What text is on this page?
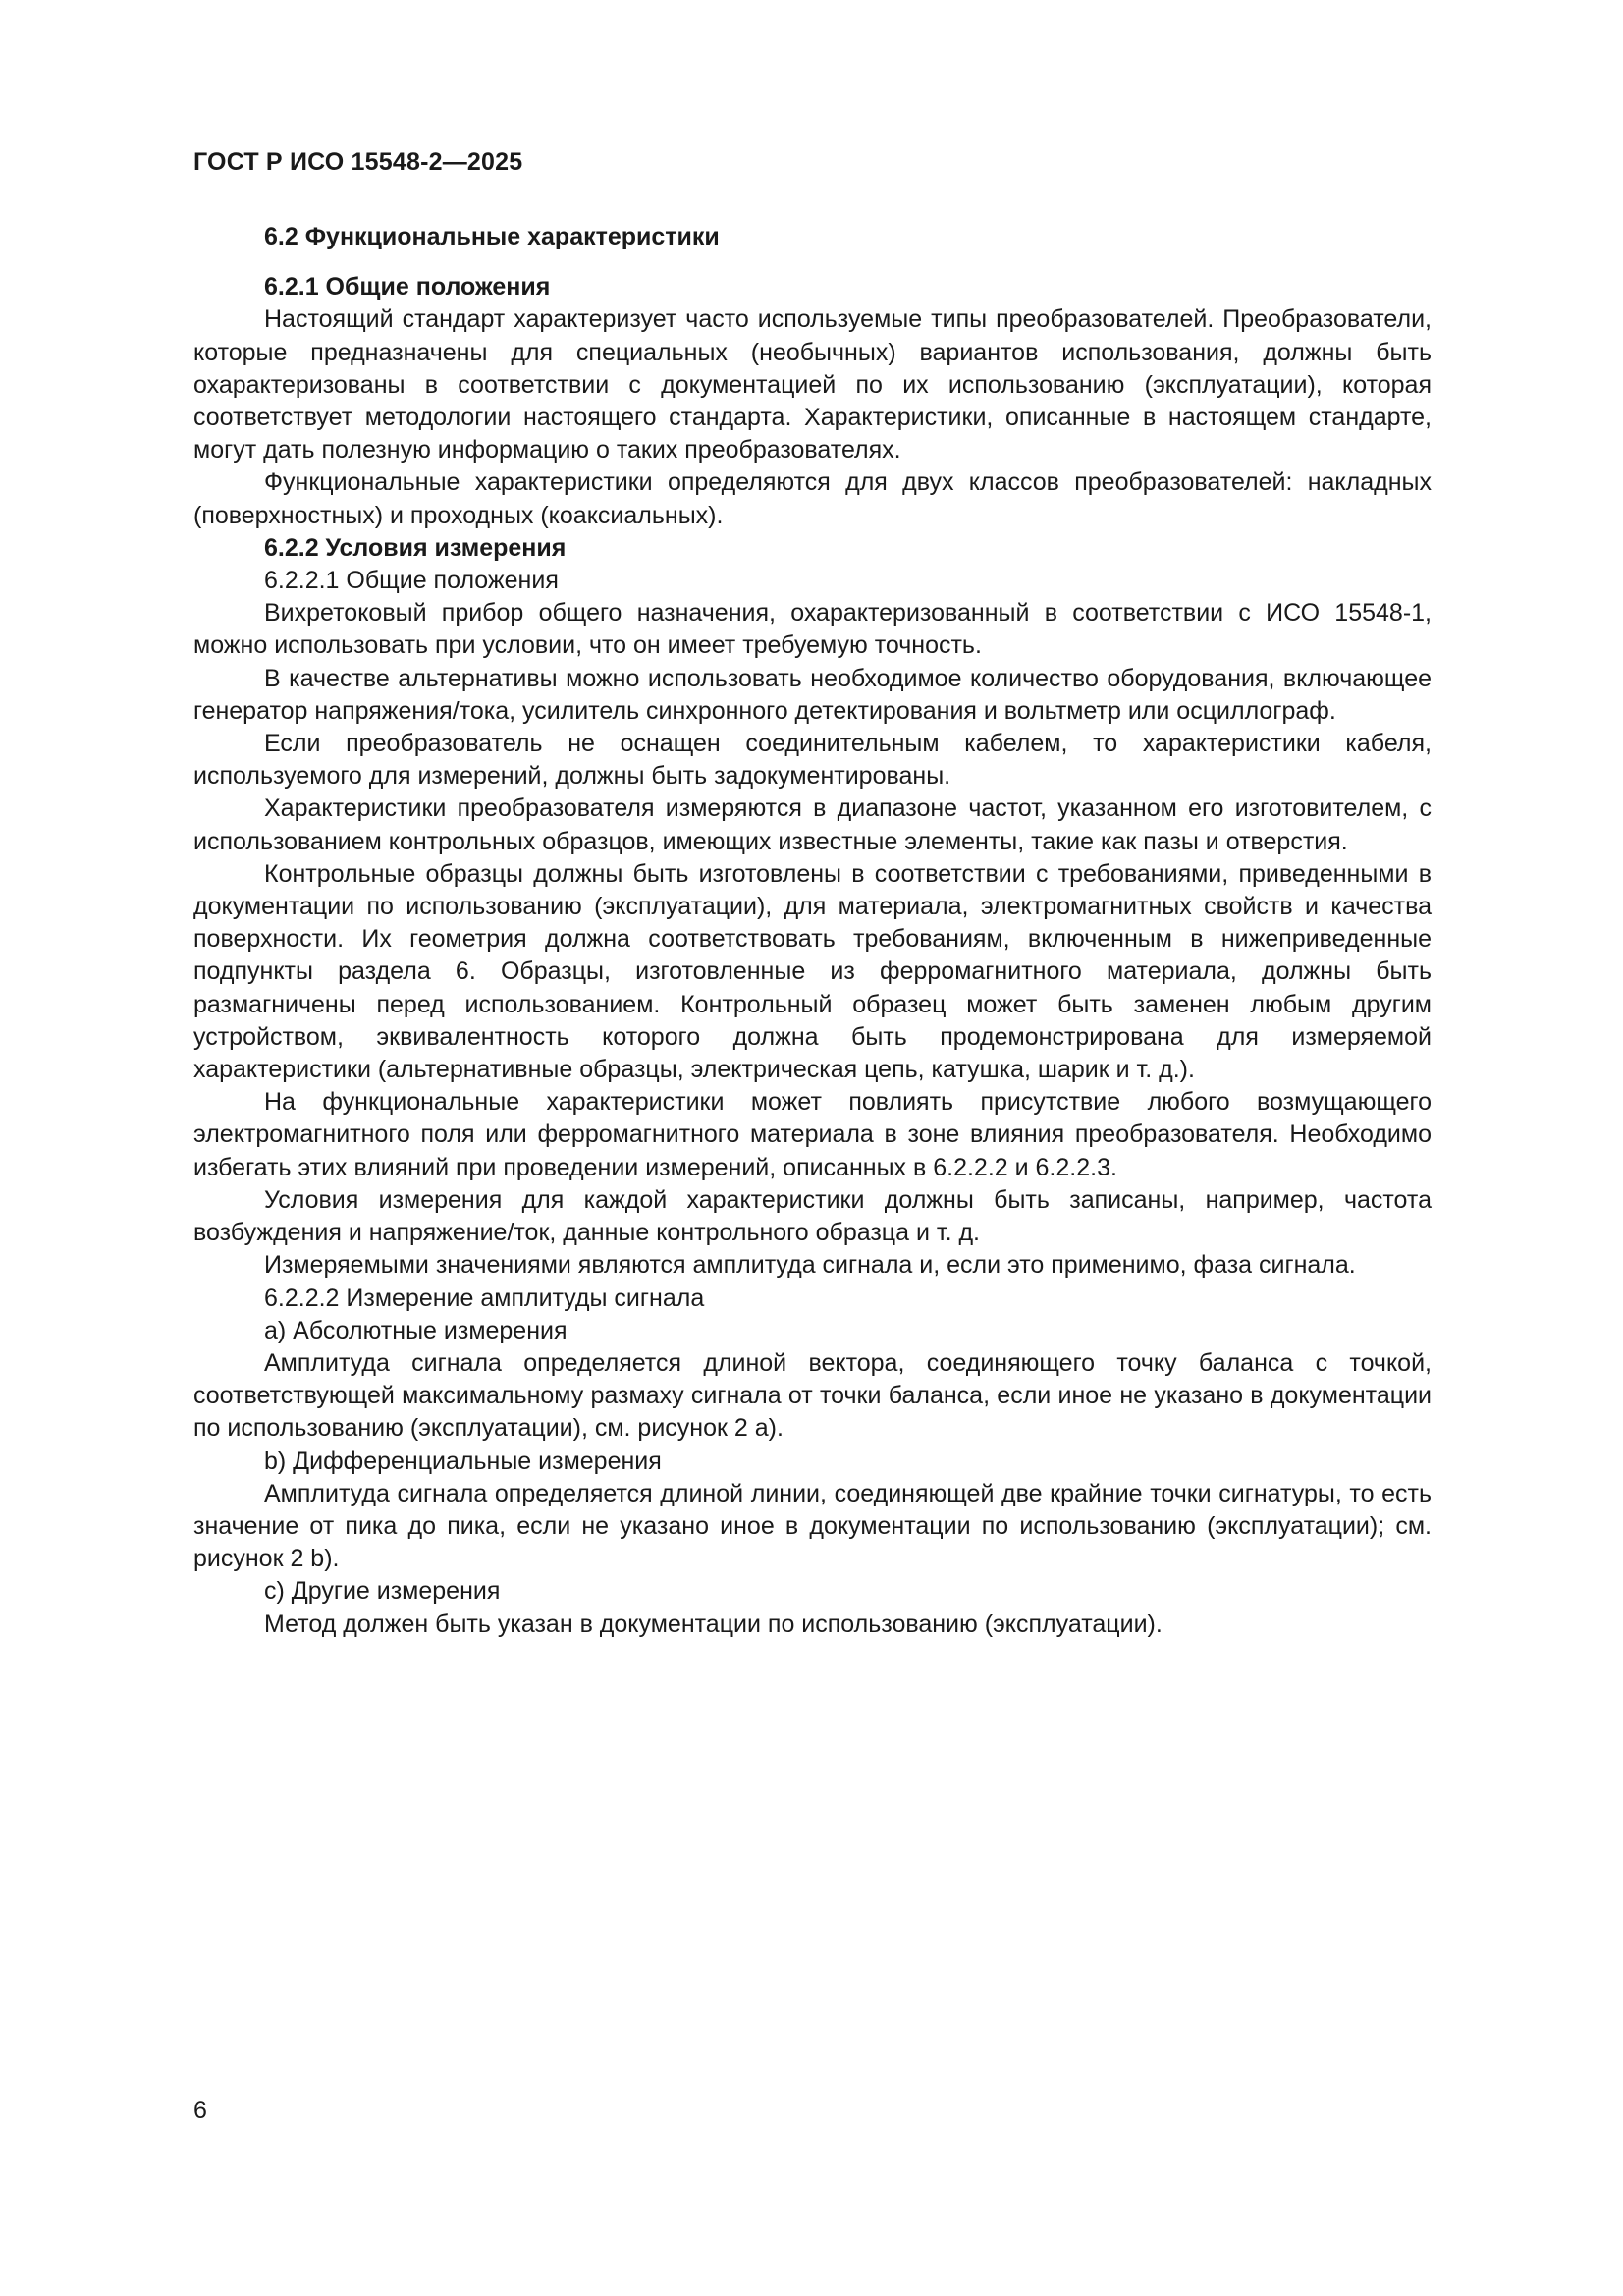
ГОСТ Р ИСО 15548-2—2025

6.2 Функциональные характеристики

6.2.1 Общие положения

Настоящий стандарт характеризует часто используемые типы преобразователей. Преобразователи, которые предназначены для специальных (необычных) вариантов использования, должны быть охарактеризованы в соответствии с документацией по их использованию (эксплуатации), которая соответствует методологии настоящего стандарта. Характеристики, описанные в настоящем стандарте, могут дать полезную информацию о таких преобразователях.

Функциональные характеристики определяются для двух классов преобразователей: накладных (поверхностных) и проходных (коаксиальных).

6.2.2 Условия измерения

6.2.2.1 Общие положения

Вихретоковый прибор общего назначения, охарактеризованный в соответствии с ИСО 15548-1, можно использовать при условии, что он имеет требуемую точность.

В качестве альтернативы можно использовать необходимое количество оборудования, включающее генератор напряжения/тока, усилитель синхронного детектирования и вольтметр или осциллограф.

Если преобразователь не оснащен соединительным кабелем, то характеристики кабеля, используемого для измерений, должны быть задокументированы.

Характеристики преобразователя измеряются в диапазоне частот, указанном его изготовителем, с использованием контрольных образцов, имеющих известные элементы, такие как пазы и отверстия.

Контрольные образцы должны быть изготовлены в соответствии с требованиями, приведенными в документации по использованию (эксплуатации), для материала, электромагнитных свойств и качества поверхности. Их геометрия должна соответствовать требованиям, включенным в нижеприведенные подпункты раздела 6. Образцы, изготовленные из ферромагнитного материала, должны быть размагничены перед использованием. Контрольный образец может быть заменен любым другим устройством, эквивалентность которого должна быть продемонстрирована для измеряемой характеристики (альтернативные образцы, электрическая цепь, катушка, шарик и т. д.).

На функциональные характеристики может повлиять присутствие любого возмущающего электромагнитного поля или ферромагнитного материала в зоне влияния преобразователя. Необходимо избегать этих влияний при проведении измерений, описанных в 6.2.2.2 и 6.2.2.3.

Условия измерения для каждой характеристики должны быть записаны, например, частота возбуждения и напряжение/ток, данные контрольного образца и т. д.

Измеряемыми значениями являются амплитуда сигнала и, если это применимо, фаза сигнала.

6.2.2.2 Измерение амплитуды сигнала

a) Абсолютные измерения

Амплитуда сигнала определяется длиной вектора, соединяющего точку баланса с точкой, соответствующей максимальному размаху сигнала от точки баланса, если иное не указано в документации по использованию (эксплуатации), см. рисунок 2 a).

b) Дифференциальные измерения

Амплитуда сигнала определяется длиной линии, соединяющей две крайние точки сигнатуры, то есть значение от пика до пика, если не указано иное в документации по использованию (эксплуатации); см. рисунок 2 b).

c) Другие измерения

Метод должен быть указан в документации по использованию (эксплуатации).

6
